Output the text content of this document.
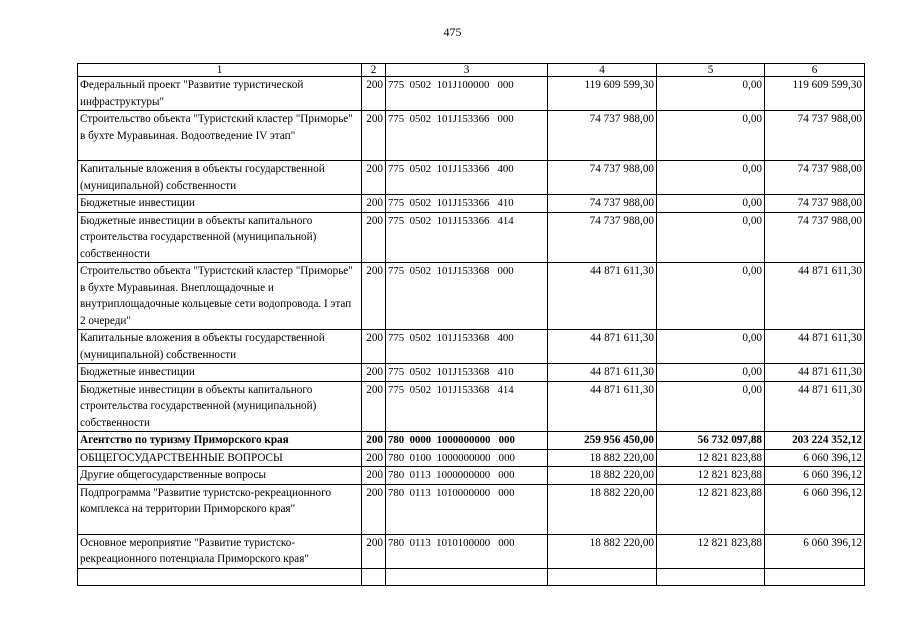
475
1	2	3	4	5	6
Федеральный проект "Развитие туристической инфраструктуры"	200	775  0502  101J100000   000	119 609 599,30	0,00	119 609 599,30
Строительство объекта "Туристский кластер "Приморье" в бухте Муравьиная. Водоотведение IV этап"	200	775  0502  101J153366   000	74 737 988,00	0,00	74 737 988,00
Капитальные вложения в объекты государственной (муниципальной) собственности	200	775  0502  101J153366   400	74 737 988,00	0,00	74 737 988,00
Бюджетные инвестиции	200	775  0502  101J153366   410	74 737 988,00	0,00	74 737 988,00
Бюджетные инвестиции в объекты капитального строительства государственной (муниципальной) собственности	200	775  0502  101J153366   414	74 737 988,00	0,00	74 737 988,00
Строительство объекта "Туристский кластер "Приморье" в бухте Муравьиная. Внеплощадочные и внутриплощадочные кольцевые сети водопровода. I этап 2 очереди"	200	775  0502  101J153368   000	44 871 611,30	0,00	44 871 611,30
Капитальные вложения в объекты государственной (муниципальной) собственности	200	775  0502  101J153368   400	44 871 611,30	0,00	44 871 611,30
Бюджетные инвестиции	200	775  0502  101J153368   410	44 871 611,30	0,00	44 871 611,30
Бюджетные инвестиции в объекты капитального строительства государственной (муниципальной) собственности	200	775  0502  101J153368   414	44 871 611,30	0,00	44 871 611,30
Агентство по туризму Приморского края	200	780  0000  1000000000   000	259 956 450,00	56 732 097,88	203 224 352,12
ОБЩЕГОСУДАРСТВЕННЫЕ ВОПРОСЫ	200	780  0100  1000000000   000	18 882 220,00	12 821 823,88	6 060 396,12
Другие общегосударственные вопросы	200	780  0113  1000000000   000	18 882 220,00	12 821 823,88	6 060 396,12
Подпрограмма "Развитие туристско-рекреационного комплекса на территории Приморского края"	200	780  0113  1010000000   000	18 882 220,00	12 821 823,88	6 060 396,12
Основное мероприятие "Развитие туристско-рекреационного потенциала Приморского края"	200	780  0113  1010100000   000	18 882 220,00	12 821 823,88	6 060 396,12
